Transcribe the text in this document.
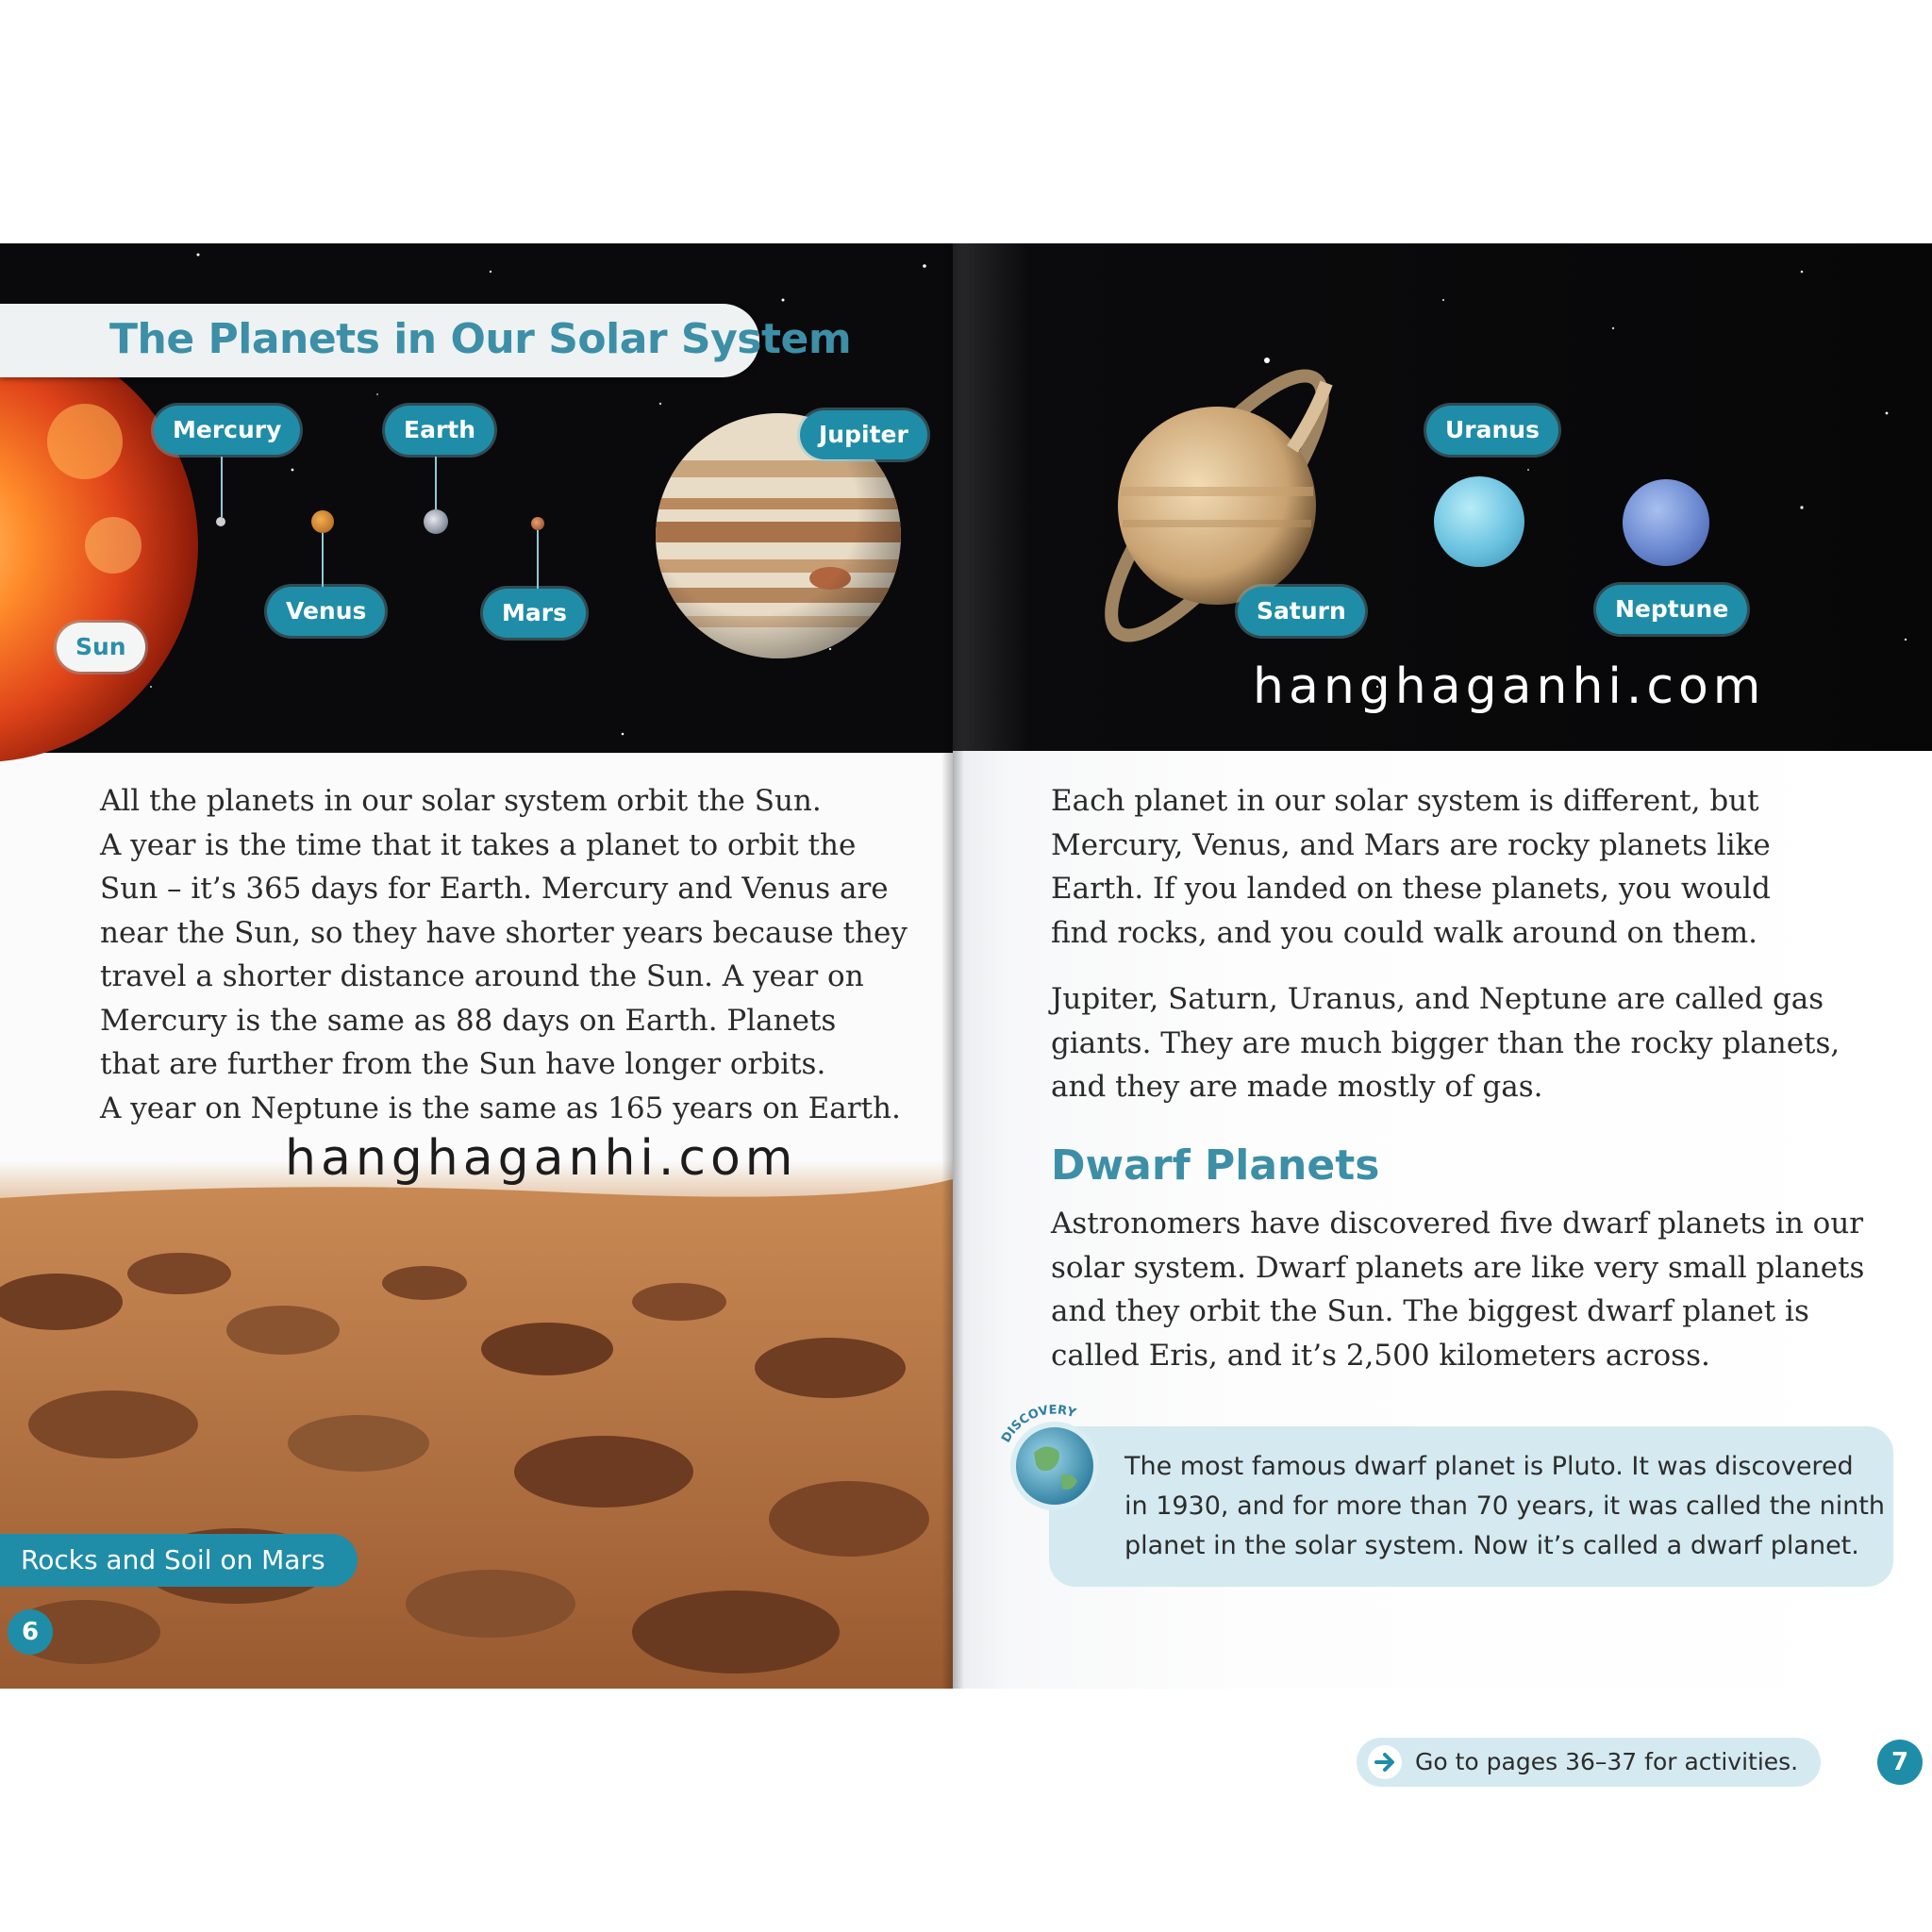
The Planets in Our Solar System
Sun
Mercury	Earth
Venus	Mars
Jupiter

All the planets in our solar system orbit the Sun.

A year is the time that it takes a planet to orbit the

Sun – it’s 365 days for Earth. Mercury and Venus are

near the Sun, so they have shorter years because they

travel a shorter distance around the Sun. A year on

Mercury is the same as 88 days on Earth. Planets

that are further from the Sun have longer orbits.

A year on Neptune is the same as 165 years on Earth.

hanghaganhi.com
Rocks and Soil on Mars
6
Uranus
Saturn	Neptune
hanghaganhi.com

Each planet in our solar system is different, but

Mercury, Venus, and Mars are rocky planets like

Earth. If you landed on these planets, you would

find rocks, and you could walk around on them.

Jupiter, Saturn, Uranus, and Neptune are called gas

giants. They are much bigger than the rocky planets,

and they are made mostly of gas.

Dwarf Planets

Astronomers have discovered five dwarf planets in our

solar system. Dwarf planets are like very small planets

and they orbit the Sun. The biggest dwarf planet is

called Eris, and it’s 2,500 kilometers across.

The most famous dwarf planet is Pluto. It was discovered
in 1930, and for more than 70 years, it was called the ninth
planet in the solar system. Now it’s called a dwarf planet.
DISCOVERY
Go to pages 36–37 for activities.	7
